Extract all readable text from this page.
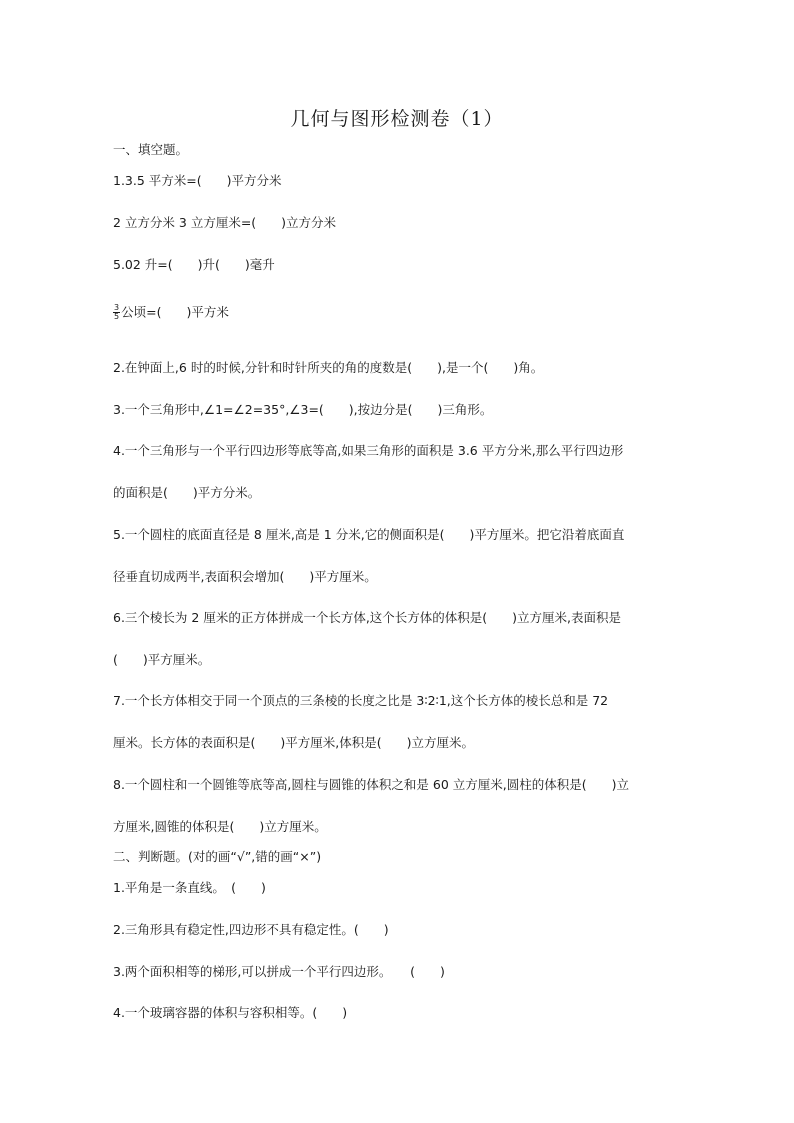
几何与图形检测卷（1）
一、填空题。
1.3.5 平方米=(　　)平方分米
2 立方分米 3 立方厘米=(　　)立方分米
5.02 升=(　　)升(　　)毫升
$\frac{3}{5}$ 公顷=(　　)平方米
2.在钟面上,6 时的时候,分针和时针所夹的角的度数是(　　),是一个(　　)角。
3.一个三角形中,∠1=∠2=35°,∠3=(　　),按边分是(　　)三角形。
4.一个三角形与一个平行四边形等底等高,如果三角形的面积是 3.6 平方分米,那么平行四边形
的面积是(　　)平方分米。
5.一个圆柱的底面直径是 8 厘米,高是 1 分米,它的侧面积是(　　)平方厘米。把它沿着底面直
径垂直切成两半,表面积会增加(　　)平方厘米。
6.三个棱长为 2 厘米的正方体拼成一个长方体,这个长方体的体积是(　　)立方厘米,表面积是
(　　)平方厘米。
7.一个长方体相交于同一个顶点的三条棱的长度之比是 3∶2∶1,这个长方体的棱长总和是 72
厘米。长方体的表面积是(　　)平方厘米,体积是(　　)立方厘米。
8.一个圆柱和一个圆锥等底等高,圆柱与圆锥的体积之和是 60 立方厘米,圆柱的体积是(　　)立
方厘米,圆锥的体积是(　　)立方厘米。
二、判断题。(对的画“√”,错的画“×”)
1.平角是一条直线。　(　　)
2.三角形具有稳定性,四边形不具有稳定性。(　　)
3.两个面积相等的梯形,可以拼成一个平行四边形。　　(　　)
4.一个玻璃容器的体积与容积相等。(　　)
